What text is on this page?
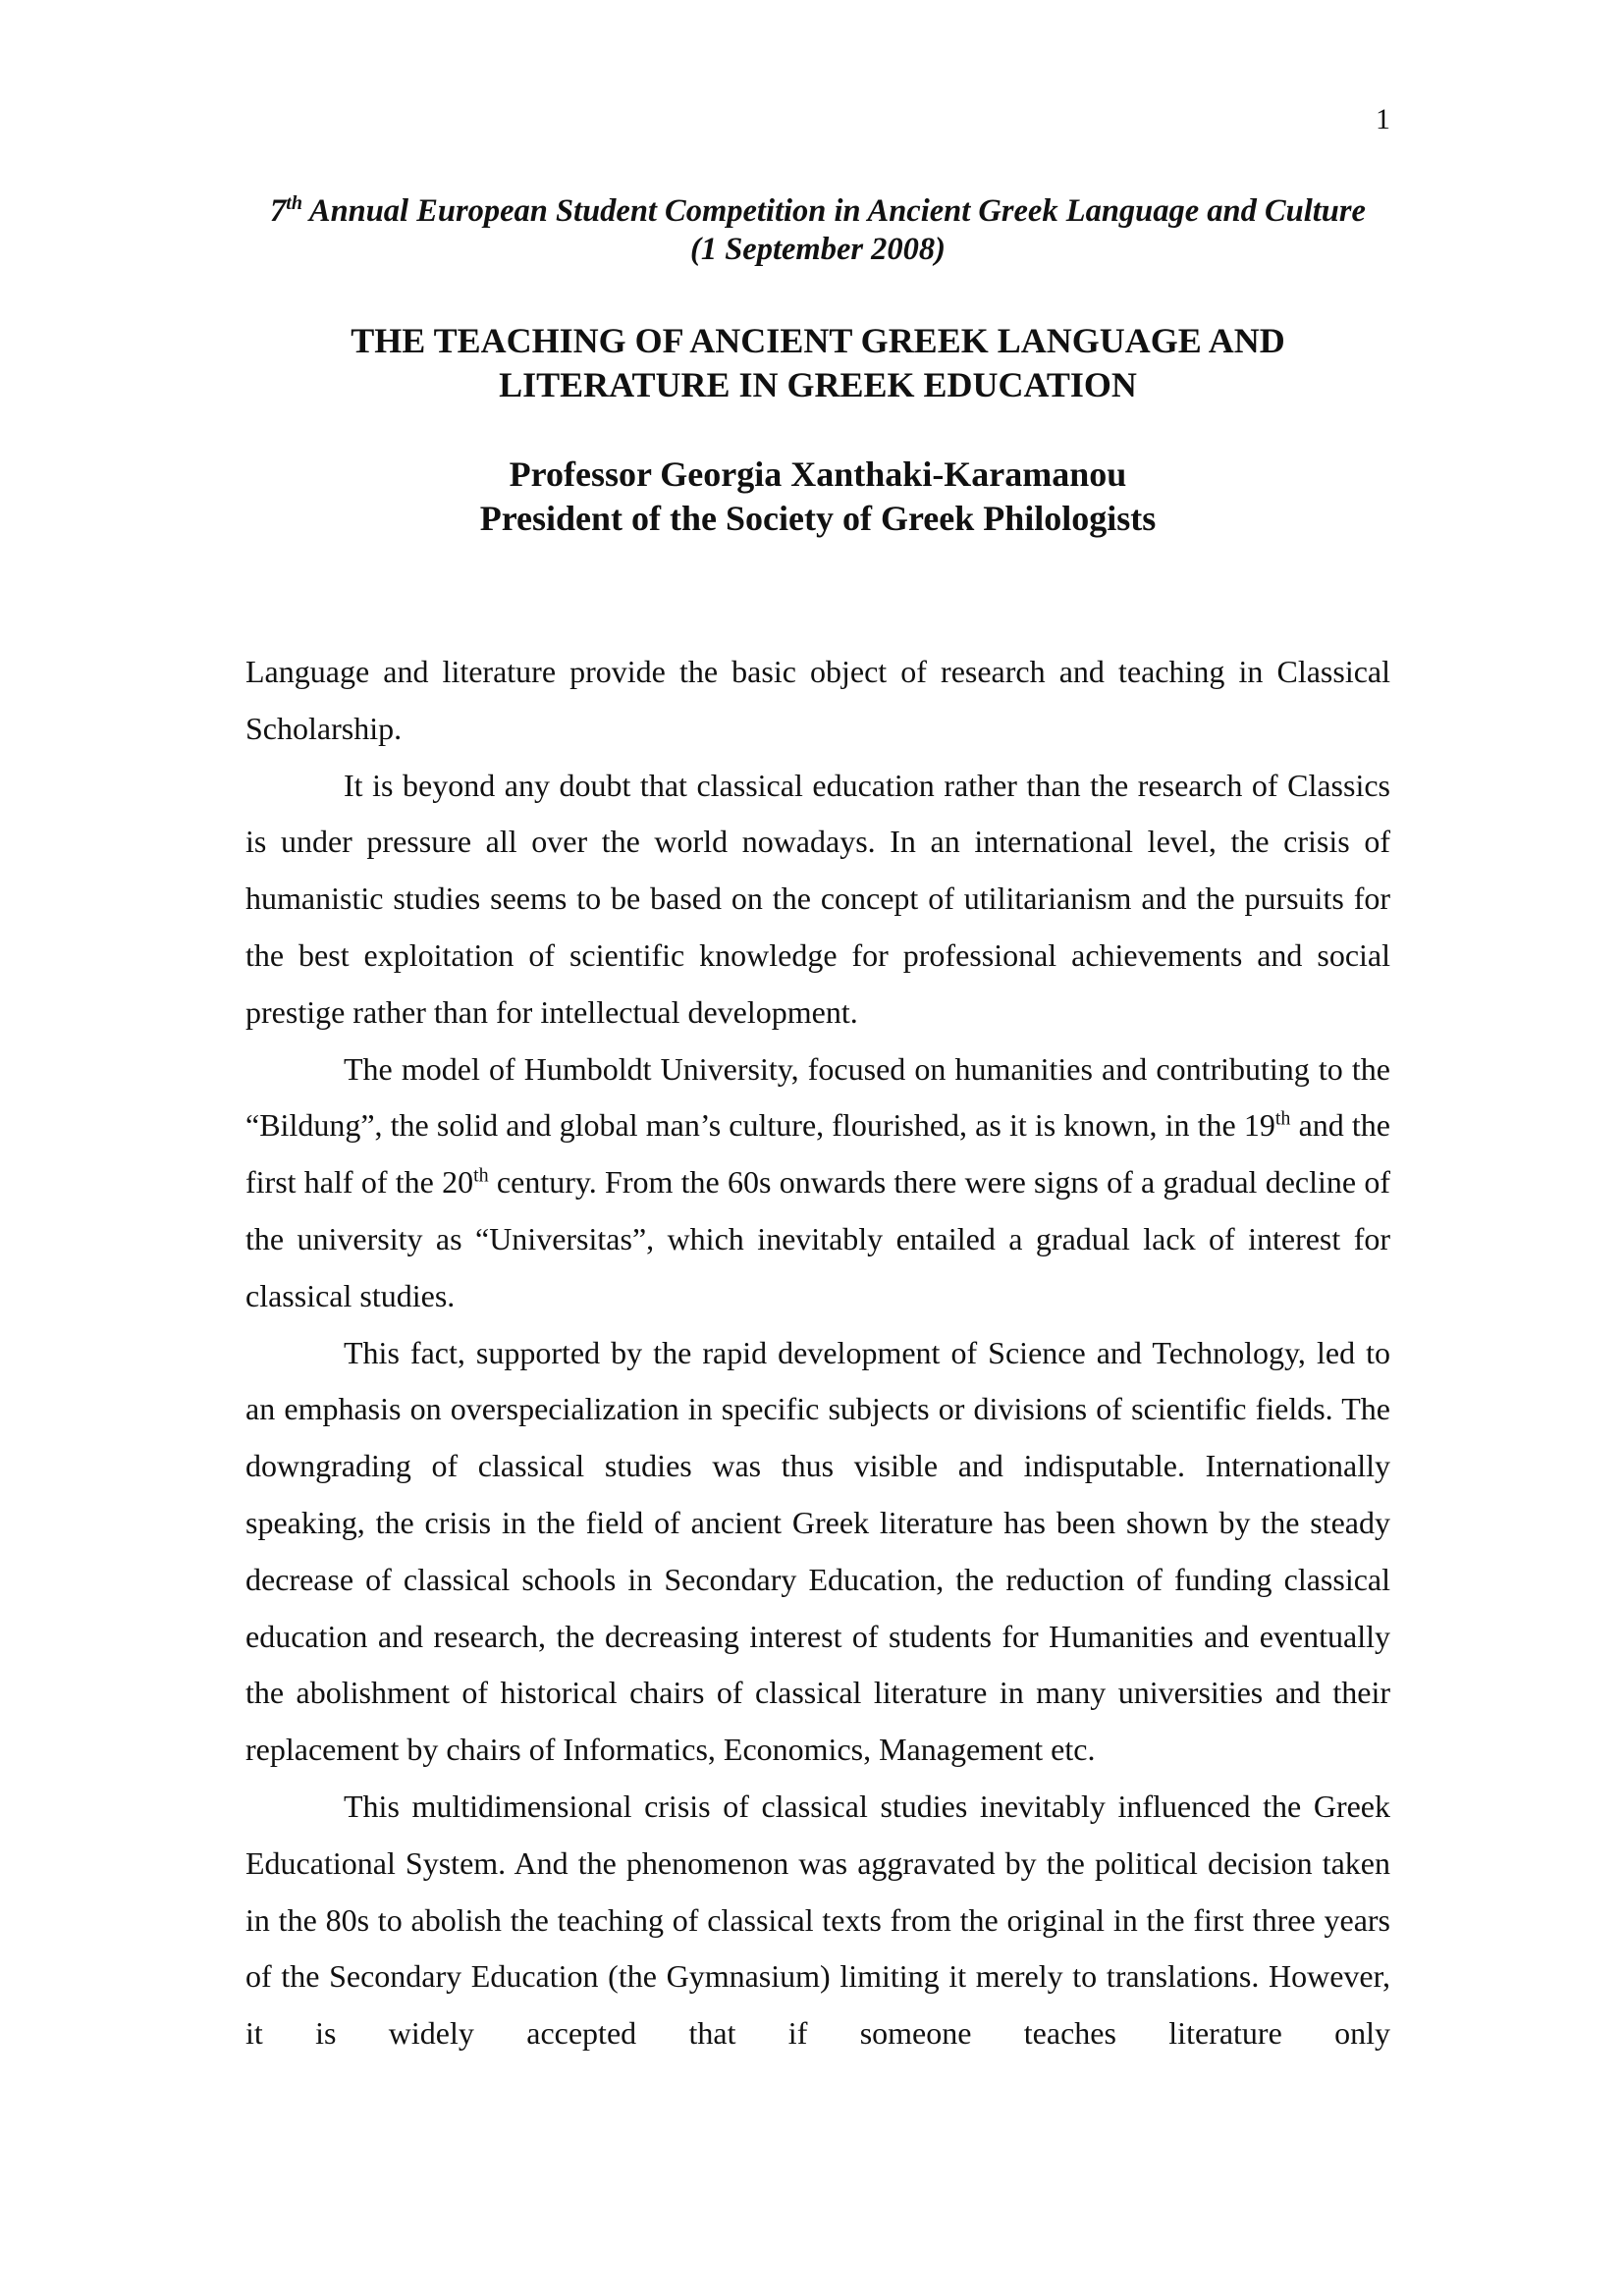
1
7th Annual European Student Competition in Ancient Greek Language and Culture
(1 September 2008)
THE TEACHING OF ANCIENT GREEK LANGUAGE AND
LITERATURE IN GREEK EDUCATION
Professor Georgia Xanthaki-Karamanou
President of the Society of Greek Philologists

Language and literature provide the basic object of research and teaching in Classical Scholarship.

It is beyond any doubt that classical education rather than the research of Classics is under pressure all over the world nowadays. In an international level, the crisis of humanistic studies seems to be based on the concept of utilitarianism and the pursuits for the best exploitation of scientific knowledge for professional achievements and social prestige rather than for intellectual development.

The model of Humboldt University, focused on humanities and contributing to the “Bildung”, the solid and global man’s culture, flourished, as it is known, in the 19th and the first half of the 20th century. From the 60s onwards there were signs of a gradual decline of the university as “Universitas”, which inevitably entailed a gradual lack of interest for classical studies.

This fact, supported by the rapid development of Science and Technology, led to an emphasis on overspecialization in specific subjects or divisions of scientific fields. The downgrading of classical studies was thus visible and indisputable. Internationally speaking, the crisis in the field of ancient Greek literature has been shown by the steady decrease of classical schools in Secondary Education, the reduction of funding classical education and research, the decreasing interest of students for Humanities and eventually the abolishment of historical chairs of classical literature in many universities and their replacement by chairs of Informatics, Economics, Management etc.

This multidimensional crisis of classical studies inevitably influenced the Greek Educational System. And the phenomenon was aggravated by the political decision taken in the 80s to abolish the teaching of classical texts from the original in the first three years of the Secondary Education (the Gymnasium) limiting it merely to translations. However, it is widely accepted that if someone teaches literature only
